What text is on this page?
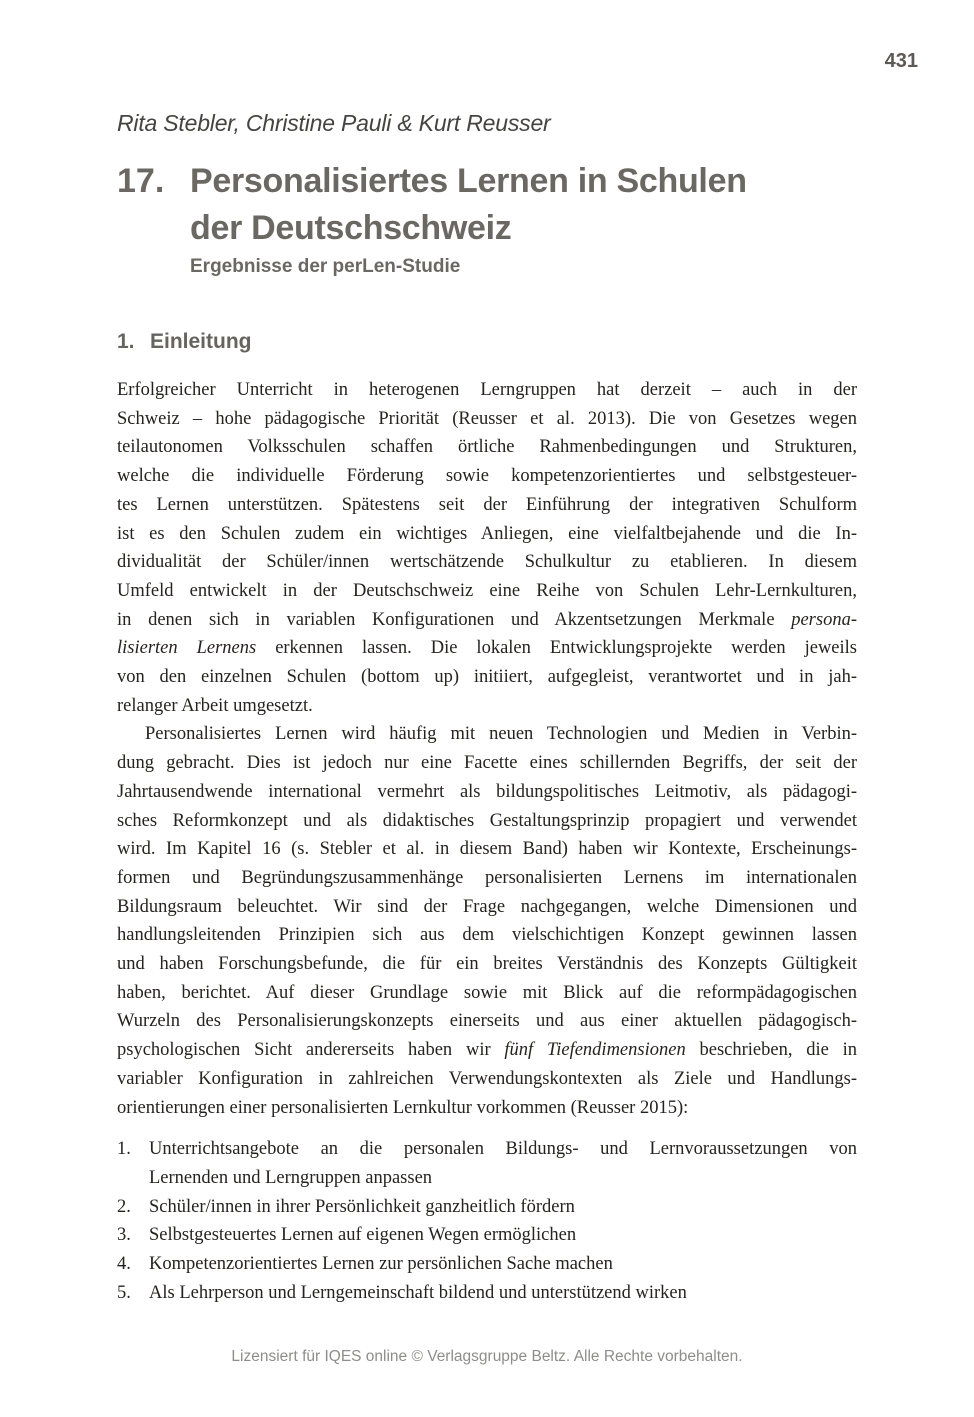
431
Rita Stebler, Christine Pauli & Kurt Reusser
17. Personalisiertes Lernen in Schulen
der Deutschschweiz
Ergebnisse der perLen-Studie
1. Einleitung
Erfolgreicher Unterricht in heterogenen Lerngruppen hat derzeit – auch in der
Schweiz – hohe pädagogische Priorität (Reusser et al. 2013). Die von Gesetzes wegen
teilautonomen Volksschulen schaffen örtliche Rahmenbedingungen und Strukturen,
welche die individuelle Förderung sowie kompetenzorientiertes und selbstgesteuer-
tes Lernen unterstützen. Spätestens seit der Einführung der integrativen Schulform
ist es den Schulen zudem ein wichtiges Anliegen, eine vielfaltbejahende und die In-
dividualität der Schüler/innen wertschätzende Schulkultur zu etablieren. In diesem
Umfeld entwickelt in der Deutschschweiz eine Reihe von Schulen Lehr-Lernkulturen,
in denen sich in variablen Konfigurationen und Akzentsetzungen Merkmale persona-
lisierten Lernens erkennen lassen. Die lokalen Entwicklungsprojekte werden jeweils
von den einzelnen Schulen (bottom up) initiiert, aufgegleist, verantwortet und in jah-
relanger Arbeit umgesetzt.
Personalisiertes Lernen wird häufig mit neuen Technologien und Medien in Verbin-
dung gebracht. Dies ist jedoch nur eine Facette eines schillernden Begriffs, der seit der
Jahrtausendwende international vermehrt als bildungspolitisches Leitmotiv, als pädagogi-
sches Reformkonzept und als didaktisches Gestaltungsprinzip propagiert und verwendet
wird. Im Kapitel 16 (s. Stebler et al. in diesem Band) haben wir Kontexte, Erscheinungs-
formen und Begründungszusammenhänge personalisierten Lernens im internationalen
Bildungsraum beleuchtet. Wir sind der Frage nachgegangen, welche Dimensionen und
handlungsleitenden Prinzipien sich aus dem vielschichtigen Konzept gewinnen lassen
und haben Forschungsbefunde, die für ein breites Verständnis des Konzepts Gültigkeit
haben, berichtet. Auf dieser Grundlage sowie mit Blick auf die reformpädagogischen
Wurzeln des Personalisierungskonzepts einerseits und aus einer aktuellen pädagogisch-
psychologischen Sicht andererseits haben wir fünf Tiefendimensionen beschrieben, die in
variabler Konfiguration in zahlreichen Verwendungskontexten als Ziele und Handlungs-
orientierungen einer personalisierten Lernkultur vorkommen (Reusser 2015):
1. Unterrichtsangebote an die personalen Bildungs- und Lernvoraussetzungen von
Lernenden und Lerngruppen anpassen
2. Schüler/innen in ihrer Persönlichkeit ganzheitlich fördern
3. Selbstgesteuertes Lernen auf eigenen Wegen ermöglichen
4. Kompetenzorientiertes Lernen zur persönlichen Sache machen
5. Als Lehrperson und Lerngemeinschaft bildend und unterstützend wirken
Lizensiert für IQES online © Verlagsgruppe Beltz. Alle Rechte vorbehalten.
